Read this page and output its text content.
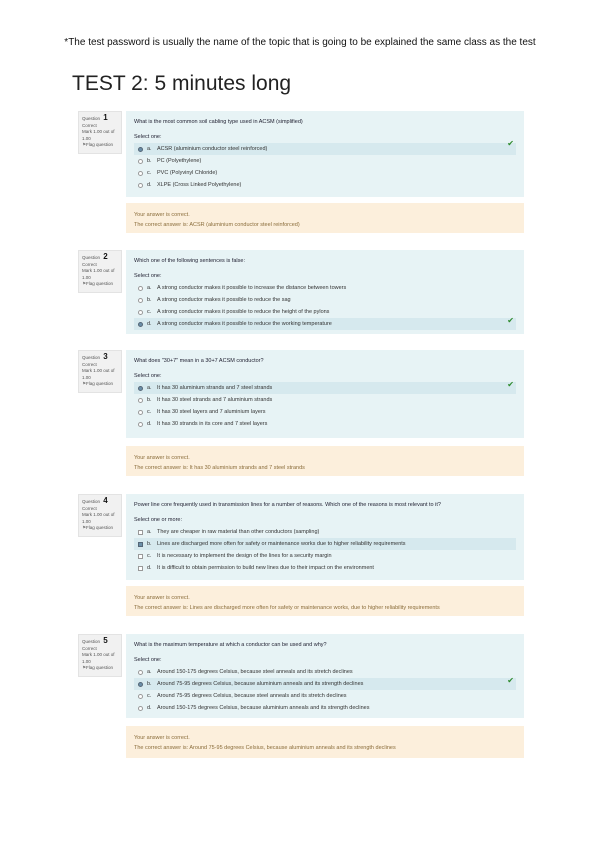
*The test password is usually the name of the topic that is going to be explained the same class as the test
TEST 2: 5 minutes long
Question 1
Correct
Mark 1.00 out of 1.00
⚑ Flag question
What is the most common soil cabling type used in ACSM (simplified)
Select one:
a. ACSR (aluminium conductor steel reinforced)
b. PC (Polyethylene)
c.	PVC (Polyvinyl Chloride)
d. XLPE (Cross Linked Polyethylene)
✔
Your answer is correct.
The correct answer is: ACSR (aluminium conductor steel reinforced)
Question 2
Correct
Mark 1.00 out of 1.00
⚑ Flag question
Which one of the following sentences is false:
Select one:
a. A strong conductor makes it possible to increase the distance between towers
b. A strong conductor makes it possible to reduce the sag
c.	A strong conductor makes it possible to reduce the height of the pylons
d. A strong conductor makes it possible to reduce the working temperature	✔
Question 3
Correct
Mark 1.00 out of 1.00
⚑ Flag question
What does "30+7" mean in a 30+7 ACSM conductor?
Select one:
a. It has 30 aluminium strands and 7 steel strands
b. It has 30 steel strands and 7 aluminium strands
c.	It has 30 steel layers and 7 aluminium layers
d. It has 30 strands in its core and 7 steel layers
✔
Your answer is correct.
The correct answer is: It has 30 aluminium strands and 7 steel strands
Question 4
Correct
Mark 1.00 out of 1.00
⚑ Flag question
Power line core frequently used in transmission lines for a number of reasons. Which one of the reasons is most relevant to it?
Select one or more:
a. They are cheaper in raw material than other conductors (sampling)
b. Lines are discharged more often for safety or maintenance works due to higher reliability requirements
c.	It is necessary to implement the design of the lines for a security margin
d. It is difficult to obtain permission to build new lines due to their impact on the environment
Your answer is correct.
The correct answer is: Lines are discharged more often for safety or maintenance works, due to higher reliability requirements
Question 5
Correct
Mark 1.00 out of 1.00
⚑ Flag question
What is the maximum temperature at which a conductor can be used and why?
Select one:
a. Around 150-175 degrees Celsius, because steel anneals and its stretch declines
b. Around 75-95 degrees Celsius, because aluminium anneals and its strength declines
c.	Around 75-95 degrees Celsius, because steel anneals and its stretch declines
d. Around 150-175 degrees Celsius, because aluminium anneals and its strength declines
✔
Your answer is correct.
The correct answer is: Around 75-95 degrees Celsius, because aluminium anneals and its strength declines
